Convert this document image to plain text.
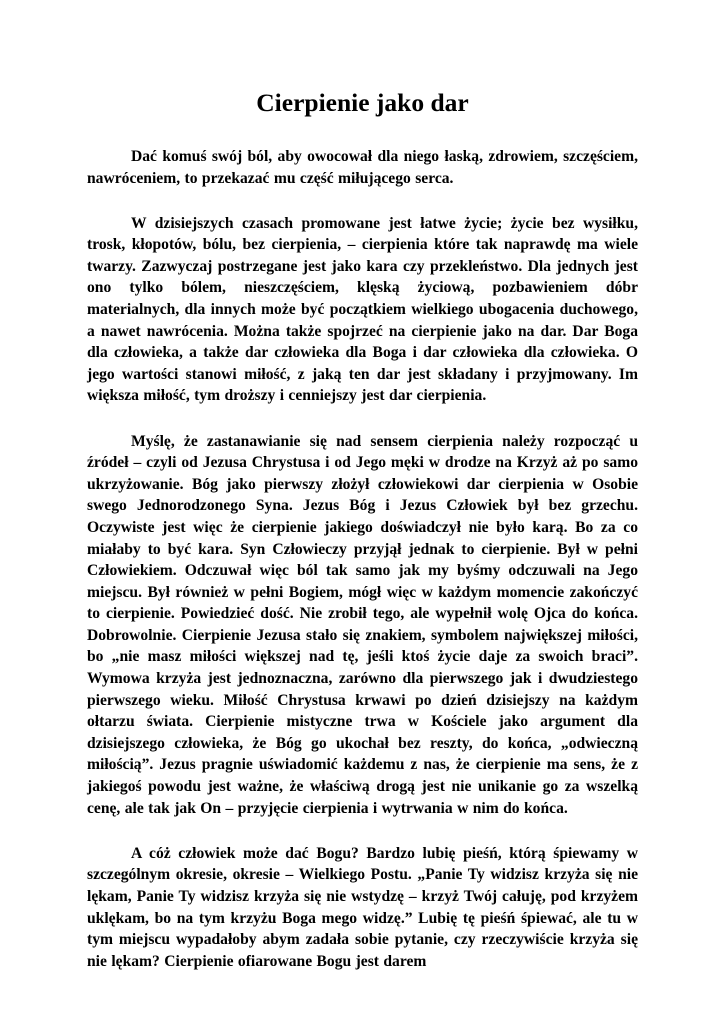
Cierpienie jako dar

Dać komuś swój ból, aby owocował dla niego łaską, zdrowiem, szczęściem, nawróceniem, to przekazać mu część miłującego serca.

W dzisiejszych czasach promowane jest łatwe życie; życie bez wysiłku, trosk, kłopotów, bólu, bez cierpienia, – cierpienia które tak naprawdę ma wiele twarzy. Zazwyczaj postrzegane jest jako kara czy przekleństwo. Dla jednych jest ono tylko bólem, nieszczęściem, klęską życiową, pozbawieniem dóbr materialnych, dla innych może być początkiem wielkiego ubogacenia duchowego, a nawet nawrócenia. Można także spojrzeć na cierpienie jako na dar. Dar Boga dla człowieka, a także dar człowieka dla Boga i dar człowieka dla człowieka. O jego wartości stanowi miłość, z jaką ten dar jest składany i przyjmowany. Im większa miłość, tym droższy i cenniejszy jest dar cierpienia.

Myślę, że zastanawianie się nad sensem cierpienia należy rozpocząć u źródeł – czyli od Jezusa Chrystusa i od Jego męki w drodze na Krzyż aż po samo ukrzyżowanie. Bóg jako pierwszy złożył człowiekowi dar cierpienia w Osobie swego Jednorodzonego Syna. Jezus Bóg i Jezus Człowiek był bez grzechu. Oczywiste jest więc że cierpienie jakiego doświadczył nie było karą. Bo za co miałaby to być kara. Syn Człowieczy przyjął jednak to cierpienie. Był w pełni Człowiekiem. Odczuwał więc ból tak samo jak my byśmy odczuwali na Jego miejscu. Był również w pełni Bogiem, mógł więc w każdym momencie zakończyć to cierpienie. Powiedzieć dość. Nie zrobił tego, ale wypełnił wolę Ojca do końca. Dobrowolnie. Cierpienie Jezusa stało się znakiem, symbolem największej miłości, bo „nie masz miłości większej nad tę, jeśli ktoś życie daje za swoich braci”. Wymowa krzyża jest jednoznaczna, zarówno dla pierwszego jak i dwudziestego pierwszego wieku. Miłość Chrystusa krwawi po dzień dzisiejszy na każdym ołtarzu świata. Cierpienie mistyczne trwa w Kościele jako argument dla dzisiejszego człowieka, że Bóg go ukochał bez reszty, do końca, „odwieczną miłością”. Jezus pragnie uświadomić każdemu z nas, że cierpienie ma sens, że z jakiegoś powodu jest ważne, że właściwą drogą jest nie unikanie go za wszelką cenę, ale tak jak On – przyjęcie cierpienia i wytrwania w nim do końca.

A cóż człowiek może dać Bogu? Bardzo lubię pieśń, którą śpiewamy w szczególnym okresie, okresie – Wielkiego Postu. „Panie Ty widzisz krzyża się nie lękam, Panie Ty widzisz krzyża się nie wstydzę – krzyż Twój całuję, pod krzyżem uklękam, bo na tym krzyżu Boga mego widzę.” Lubię tę pieśń śpiewać, ale tu w tym miejscu wypadałoby abym zadała sobie pytanie, czy rzeczywiście krzyża się nie lękam? Cierpienie ofiarowane Bogu jest darem
